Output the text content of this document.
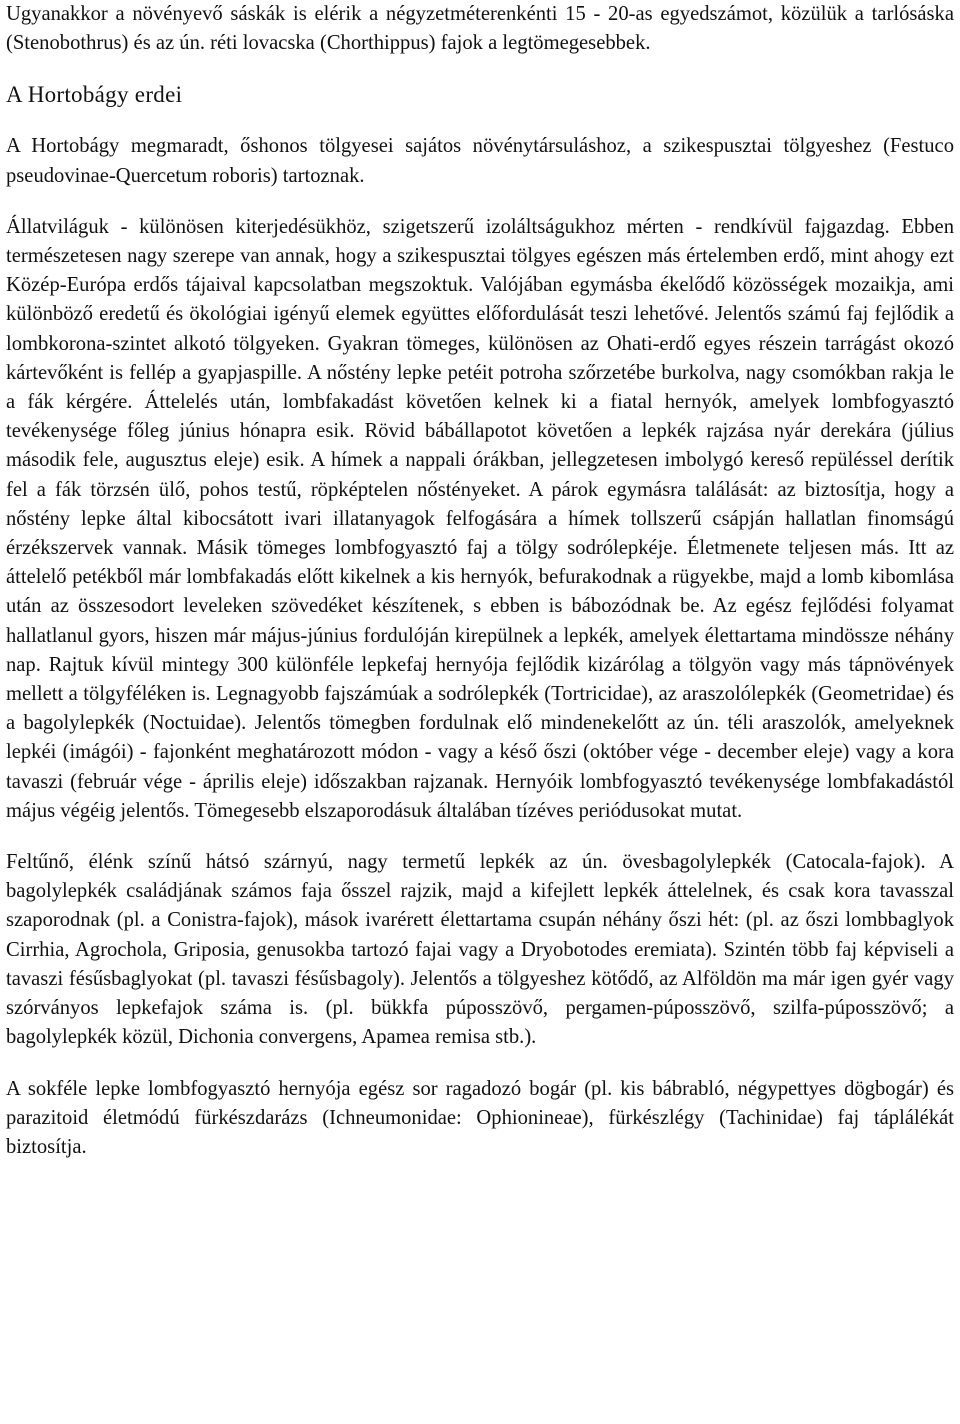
Ugyanakkor a növényevő sáskák is elérik a négyzetméterenkénti 15 - 20-as egyedszámot, közülük a tarlósáska (Stenobothrus) és az ún. réti lovacska (Chorthippus) fajok a legtömegesebbek.

A Hortobágy erdei

A Hortobágy megmaradt, őshonos tölgyesei sajátos növénytársuláshoz, a szikespusztai tölgyeshez (Festuco pseudovinae-Quercetum roboris) tartoznak.

Állatviláguk - különösen kiterjedésükhöz, szigetszerű izoláltságukhoz mérten - rendkívül fajgazdag. Ebben természetesen nagy szerepe van annak, hogy a szikespusztai tölgyes egészen más értelemben erdő, mint ahogy ezt Közép-Európa erdős tájaival kapcsolatban megszoktuk. Valójában egymásba ékelődő közösségek mozaikja, ami különböző eredetű és ökológiai igényű elemek együttes előfordulását teszi lehetővé. Jelentős számú faj fejlődik a lombkorona-szintet alkotó tölgyeken. Gyakran tömeges, különösen az Ohati-erdő egyes részein tarrágást okozó kártevőként is fellép a gyapjaspille. A nőstény lepke petéit potroha szőrzetébe burkolva, nagy csomókban rakja le a fák kérgére. Áttelelés után, lombfakadást követően kelnek ki a fiatal hernyók, amelyek lombfogyasztó tevékenysége főleg június hónapra esik. Rövid bábállapotot követően a lepkék rajzása nyár derekára (július második fele, augusztus eleje) esik. A hímek a nappali órákban, jellegzetesen imbolygó kereső repüléssel derítik fel a fák törzsén ülő, pohos testű, röpképtelen nőstényeket. A párok egymásra találását: az biztosítja, hogy a nőstény lepke által kibocsátott ivari illatanyagok felfogására a hímek tollszerű csápján hallatlan finomságú érzékszervek vannak. Másik tömeges lombfogyasztó faj a tölgy sodrólepkéje. Életmenete teljesen más. Itt az áttelelő petékből már lombfakadás előtt kikelnek a kis hernyók, befurakodnak a rügyekbe, majd a lomb kibomlása után az összesodort leveleken szövedéket készítenek, s ebben is bábozódnak be. Az egész fejlődési folyamat hallatlanul gyors, hiszen már május-június fordulóján kirepülnek a lepkék, amelyek élettartama mindössze néhány nap. Rajtuk kívül mintegy 300 különféle lepkefaj hernyója fejlődik kizárólag a tölgyön vagy más tápnövények mellett a tölgyféléken is. Legnagyobb fajszámúak a sodrólepkék (Tortricidae), az araszolólepkék (Geometridae) és a bagolylepkék (Noctuidae). Jelentős tömegben fordulnak elő mindenekelőtt az ún. téli araszolók, amelyeknek lepkéi (imágói) - fajonként meghatározott módon - vagy a késő őszi (október vége - december eleje) vagy a kora tavaszi (február vége - április eleje) időszakban rajzanak. Hernyóik lombfogyasztó tevékenysége lombfakadástól május végéig jelentős. Tömegesebb elszaporodásuk általában tízéves periódusokat mutat.

Feltűnő, élénk színű hátsó szárnyú, nagy termetű lepkék az ún. övesbagolylepkék (Catocala-fajok). A bagolylepkék családjának számos faja ősszel rajzik, majd a kifejlett lepkék áttelelnek, és csak kora tavasszal szaporodnak (pl. a Conistra-fajok), mások ivarérett élettartama csupán néhány őszi hét: (pl. az őszi lombbaglyok Cirrhia, Agrochola, Griposia, genusokba tartozó fajai vagy a Dryobotodes eremiata). Szintén több faj képviseli a tavaszi fésűsbaglyokat (pl. tavaszi fésűsbagoly). Jelentős a tölgyeshez kötődő, az Alföldön ma már igen gyér vagy szórványos lepkefajok száma is. (pl. bükkfa púposszövő, pergamen-púposszövő, szilfa-púposszövő; a bagolylepkék közül, Dichonia convergens, Apamea remisa stb.).

A sokféle lepke lombfogyasztó hernyója egész sor ragadozó bogár (pl. kis bábrabló, négypettyes dögbogár) és parazitoid életmódú fürkészdarázs (Ichneumonidae: Ophionineae), fürkészlégy (Tachinidae) faj táplálékát biztosítja.
